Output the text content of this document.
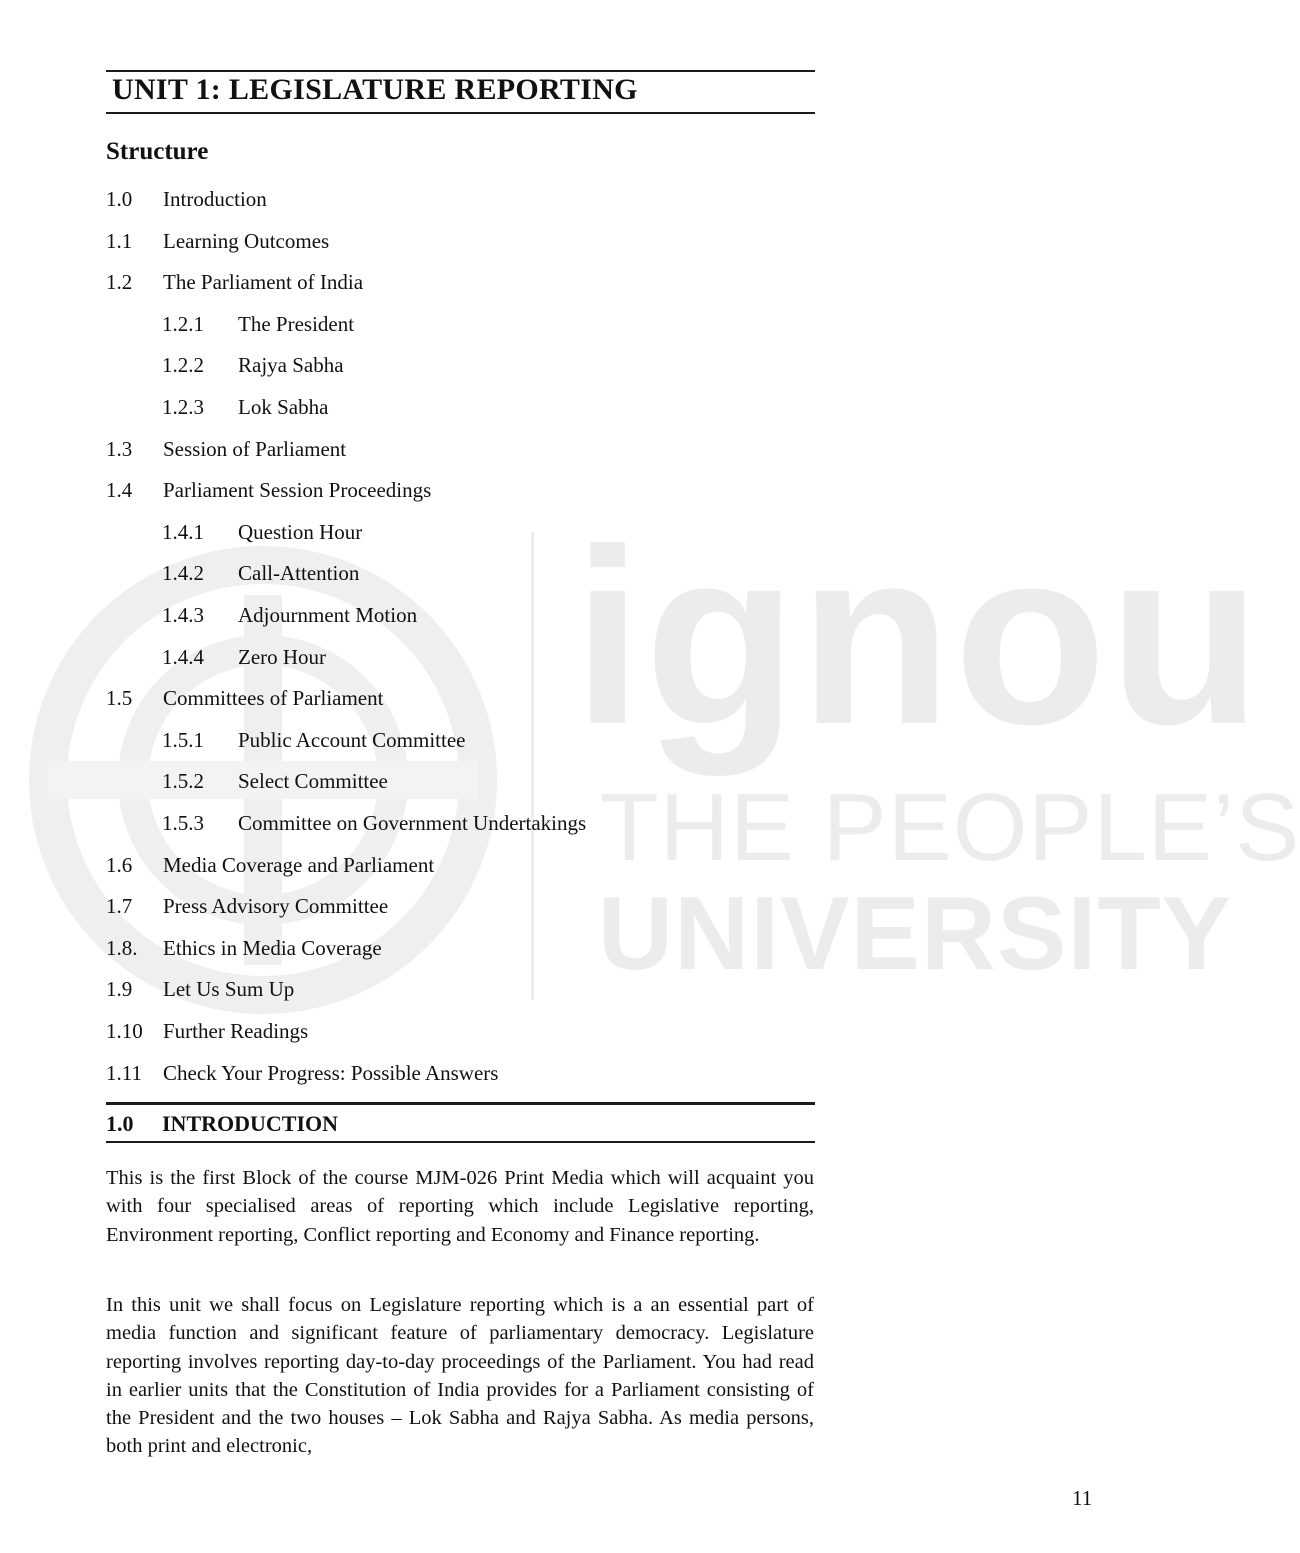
ignou
THE PEOPLE’S
UNIVERSITY
UNIT 1: LEGISLATURE REPORTING
Structure
1.0 Introduction
1.1 Learning Outcomes
1.2 The Parliament of India
1.2.1 The President
1.2.2 Rajya Sabha
1.2.3 Lok Sabha
1.3 Session of Parliament
1.4 Parliament Session Proceedings
1.4.1 Question Hour
1.4.2 Call-Attention
1.4.3 Adjournment Motion
1.4.4 Zero Hour
1.5 Committees of Parliament
1.5.1 Public Account Committee
1.5.2 Select Committee
1.5.3 Committee on Government Undertakings
1.6 Media Coverage and Parliament
1.7 Press Advisory Committee
1.8. Ethics in Media Coverage
1.9 Let Us Sum Up
1.10 Further Readings
1.11 Check Your Progress: Possible Answers
1.0 INTRODUCTION

This is the first Block of the course MJM-026 Print Media which will acquaint you with four specialised areas of reporting which include Legislative reporting, Environment reporting, Conflict reporting and Economy and Finance reporting.

In this unit we shall focus on Legislature reporting which is a an essential part of media function and significant feature of parliamentary democracy. Legislature reporting involves reporting day-to-day proceedings of the Parliament. You had read in earlier units that the Constitution of India provides for a Parliament consisting of the President and the two houses – Lok Sabha and Rajya Sabha. As media persons, both print and electronic,

11
